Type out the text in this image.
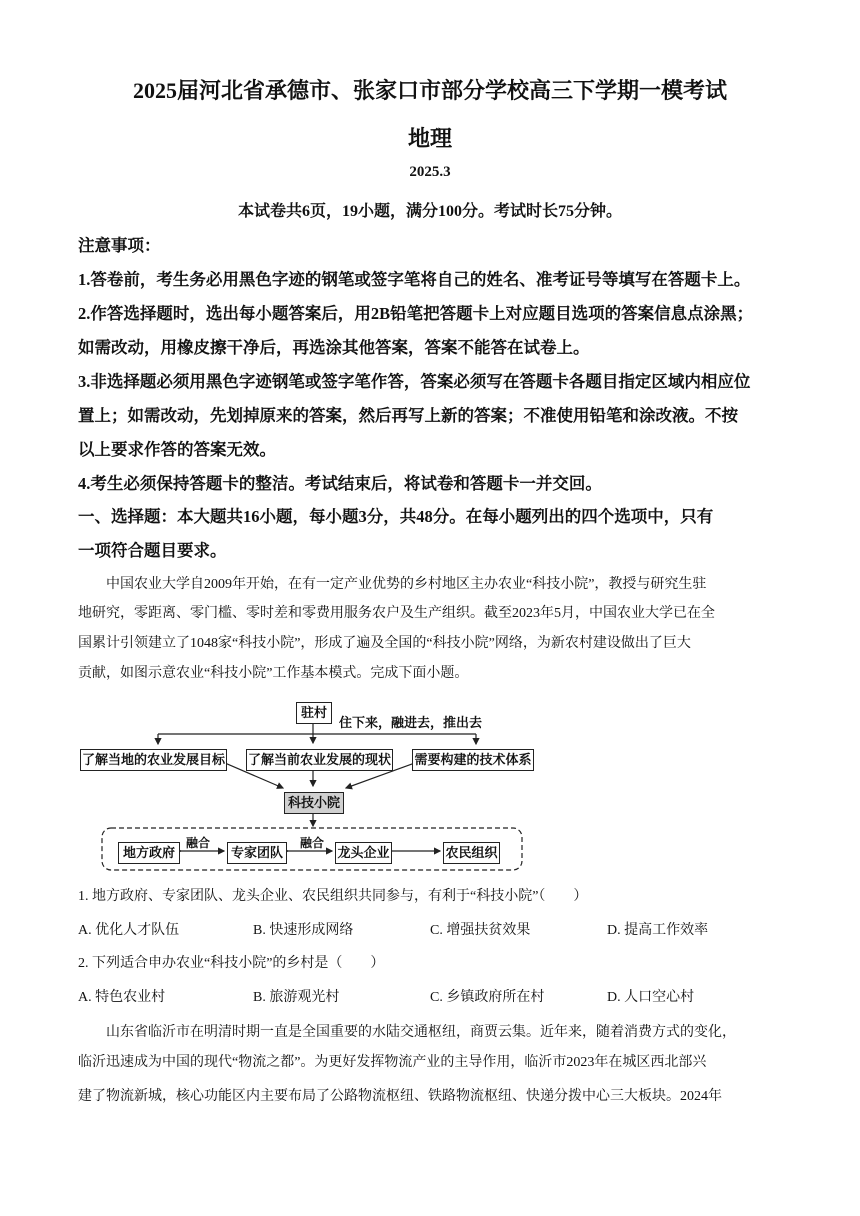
2025届河北省承德市、张家口市部分学校高三下学期一模考试
地理
2025.3
本试卷共6页，19小题，满分100分。考试时长75分钟。
注意事项：
1.答卷前，考生务必用黑色字迹的钢笔或签字笔将自己的姓名、准考证号等填写在答题卡上。
2.作答选择题时，选出每小题答案后，用2B铅笔把答题卡上对应题目选项的答案信息点涂黑；
如需改动，用橡皮擦干净后，再选涂其他答案，答案不能答在试卷上。
3.非选择题必须用黑色字迹钢笔或签字笔作答，答案必须写在答题卡各题目指定区域内相应位
置上；如需改动，先划掉原来的答案，然后再写上新的答案；不准使用铅笔和涂改液。不按
以上要求作答的答案无效。
4.考生必须保持答题卡的整洁。考试结束后，将试卷和答题卡一并交回。
一、选择题：本大题共16小题，每小题3分，共48分。在每小题列出的四个选项中，只有
一项符合题目要求。
中国农业大学自2009年开始，在有一定产业优势的乡村地区主办农业“科技小院”，教授与研究生驻
地研究，零距离、零门槛、零时差和零费用服务农户及生产组织。截至2023年5月，中国农业大学已在全
国累计引领建立了1048家“科技小院”，形成了遍及全国的“科技小院”网络，为新农村建设做出了巨大
贡献，如图示意农业“科技小院”工作基本模式。完成下面小题。
驻村
住下来，融进去，推出去
了解当地的农业发展目标 了解当前农业发展的现状 需要构建的技术体系
科技小院
融合	融合
地方政府	专家团队	龙头企业	农民组织
1. 地方政府、专家团队、龙头企业、农民组织共同参与，有利于“科技小院”（　　）
A. 优化人才队伍	B. 快速形成网络	C. 增强扶贫效果	D. 提高工作效率
2. 下列适合申办农业“科技小院”的乡村是（　　）
A. 特色农业村	B. 旅游观光村	C. 乡镇政府所在村	D. 人口空心村
山东省临沂市在明清时期一直是全国重要的水陆交通枢纽，商贾云集。近年来，随着消费方式的变化，
临沂迅速成为中国的现代“物流之都”。为更好发挥物流产业的主导作用，临沂市2023年在城区西北部兴
建了物流新城，核心功能区内主要布局了公路物流枢纽、铁路物流枢纽、快递分拨中心三大板块。2024年
